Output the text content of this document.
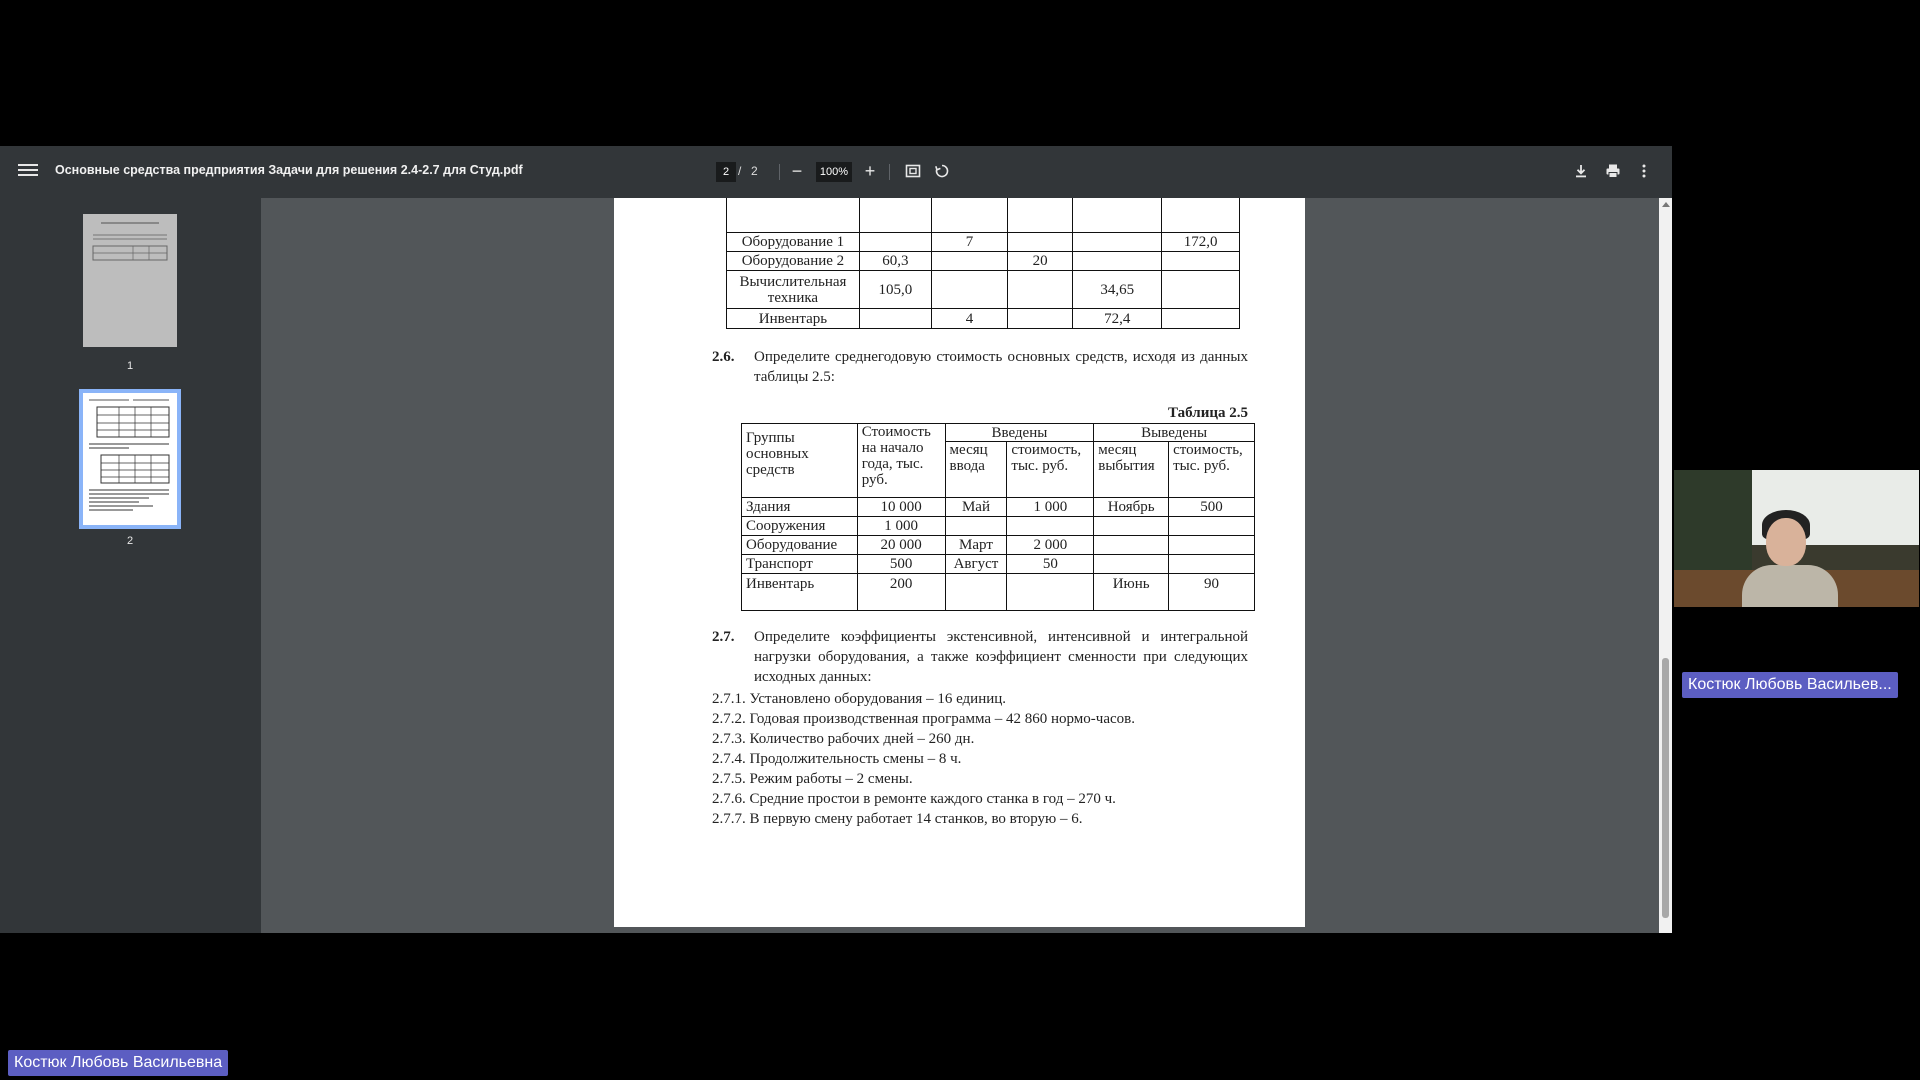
Основные средства предприятия Задачи для решения 2.4-2.7 для Студ.pdf	2 / 2	−	100% +
1
2

Оборудование 1		7			172,0
Оборудование 2	60,3		20		
Вычислительная техника	105,0			34,65	
Инвентарь		4		72,4	
2.6. Определите среднегодовую стоимость основных средств, исходя из данных таблицы 2.5:
Таблица 2.5
Группы основных средств	Стоимость на начало года, тыс. руб.	Введены		Выведены	
		месяц ввода	стоимость, тыс. руб.	месяц выбытия	стоимость, тыс. руб.
Здания	10 000	Май	1 000	Ноябрь	500
Сооружения	1 000				
Оборудование	20 000	Март	2 000		
Транспорт	500	Август	50		
Инвентарь	200			Июнь	90
2.7. Определите коэффициенты экстенсивной, интенсивной и интегральной нагрузки оборудования, а также коэффициент сменности при следующих исходных данных:
2.7.1. Установлено оборудования – 16 единиц.
2.7.2. Годовая производственная программа – 42 860 нормо-часов.
2.7.3. Количество рабочих дней – 260 дн.
2.7.4. Продолжительность смены – 8 ч.
2.7.5. Режим работы – 2 смены.
2.7.6. Средние простои в ремонте каждого станка в год – 270 ч.
2.7.7. В первую смену работает 14 станков, во вторую – 6.
Костюк Любовь Васильев...
Костюк Любовь Васильевна
